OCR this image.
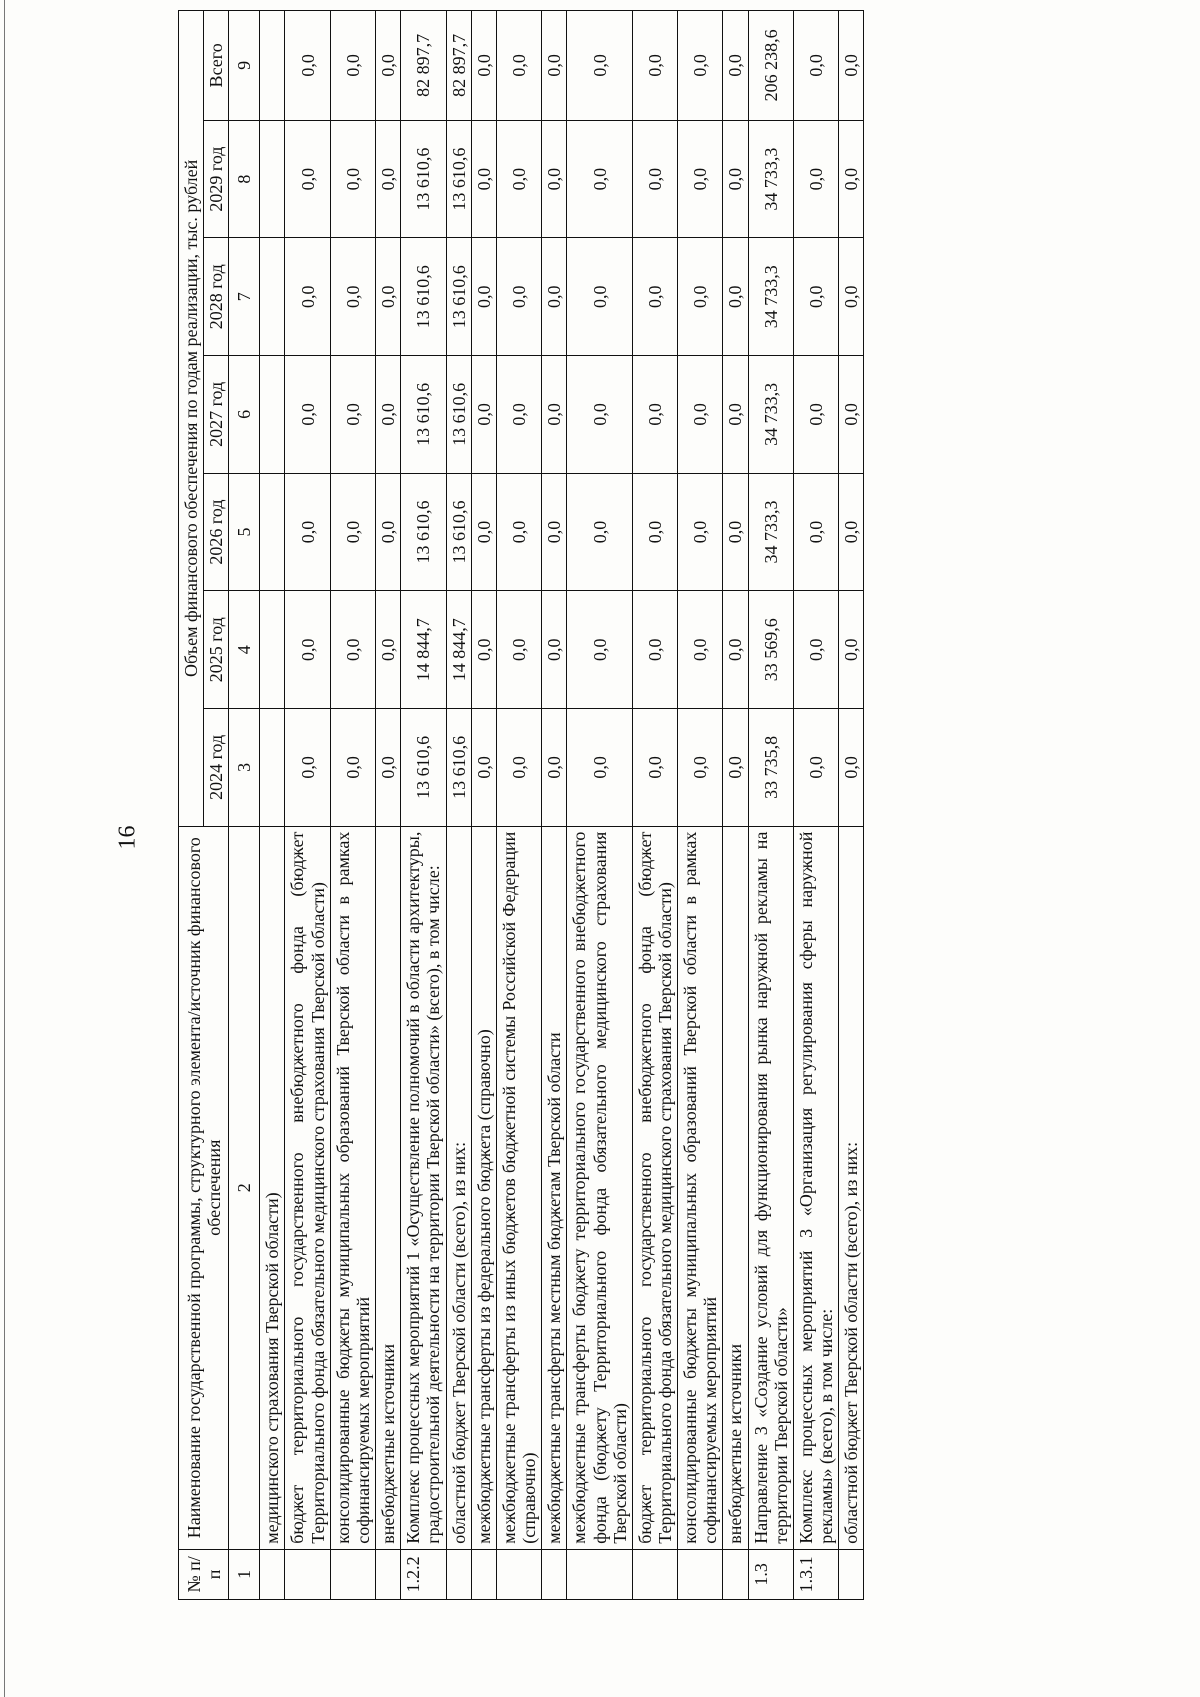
16
№ п/п	Наименование государственной программы, структурного элемента/источник финансового обеспечения	Объем финансового обеспечения по годам реализации, тыс. рублей						
		2024 год	2025 год	2026 год	2027 год	2028 год	2029 год	Всего
1	2	3	4	5	6	7	8	9
	медицинского страхования Тверской области)							
	бюджет территориального государственного внебюджетного фонда (бюджет Территориального фонда обязательного медицинского страхования Тверской области)	0,0	0,0	0,0	0,0	0,0	0,0	0,0
	консолидированные бюджеты муниципальных образований Тверской области в рамках софинансируемых мероприятий	0,0	0,0	0,0	0,0	0,0	0,0	0,0
	внебюджетные источники	0,0	0,0	0,0	0,0	0,0	0,0	0,0
1.2.2	Комплекс процессных мероприятий 1 «Осуществление полномочий в области архитектуры, градостроительной деятельности на территории Тверской области» (всего), в том числе:	13 610,6	14 844,7	13 610,6	13 610,6	13 610,6	13 610,6	82 897,7
	областной бюджет Тверской области (всего), из них:	13 610,6	14 844,7	13 610,6	13 610,6	13 610,6	13 610,6	82 897,7
	межбюджетные трансферты из федерального бюджета (справочно)	0,0	0,0	0,0	0,0	0,0	0,0	0,0
	межбюджетные трансферты из иных бюджетов бюджетной системы Российской Федерации (справочно)	0,0	0,0	0,0	0,0	0,0	0,0	0,0
	межбюджетные трансферты местным бюджетам Тверской области	0,0	0,0	0,0	0,0	0,0	0,0	0,0
	межбюджетные трансферты бюджету территориального государственного внебюджетного фонда (бюджету Территориального фонда обязательного медицинского страхования Тверской области)	0,0	0,0	0,0	0,0	0,0	0,0	0,0
	бюджет территориального государственного внебюджетного фонда (бюджет Территориального фонда обязательного медицинского страхования Тверской области)	0,0	0,0	0,0	0,0	0,0	0,0	0,0
	консолидированные бюджеты муниципальных образований Тверской области в рамках софинансируемых мероприятий	0,0	0,0	0,0	0,0	0,0	0,0	0,0
	внебюджетные источники	0,0	0,0	0,0	0,0	0,0	0,0	0,0
1.3	Направление 3 «Создание условий для функционирования рынка наружной рекламы на территории Тверской области»	33 735,8	33 569,6	34 733,3	34 733,3	34 733,3	34 733,3	206 238,6
1.3.1	Комплекс процессных мероприятий 3 «Организация регулирования сферы наружной рекламы» (всего), в том числе:	0,0	0,0	0,0	0,0	0,0	0,0	0,0
	областной бюджет Тверской области (всего), из них:	0,0	0,0	0,0	0,0	0,0	0,0	0,0
